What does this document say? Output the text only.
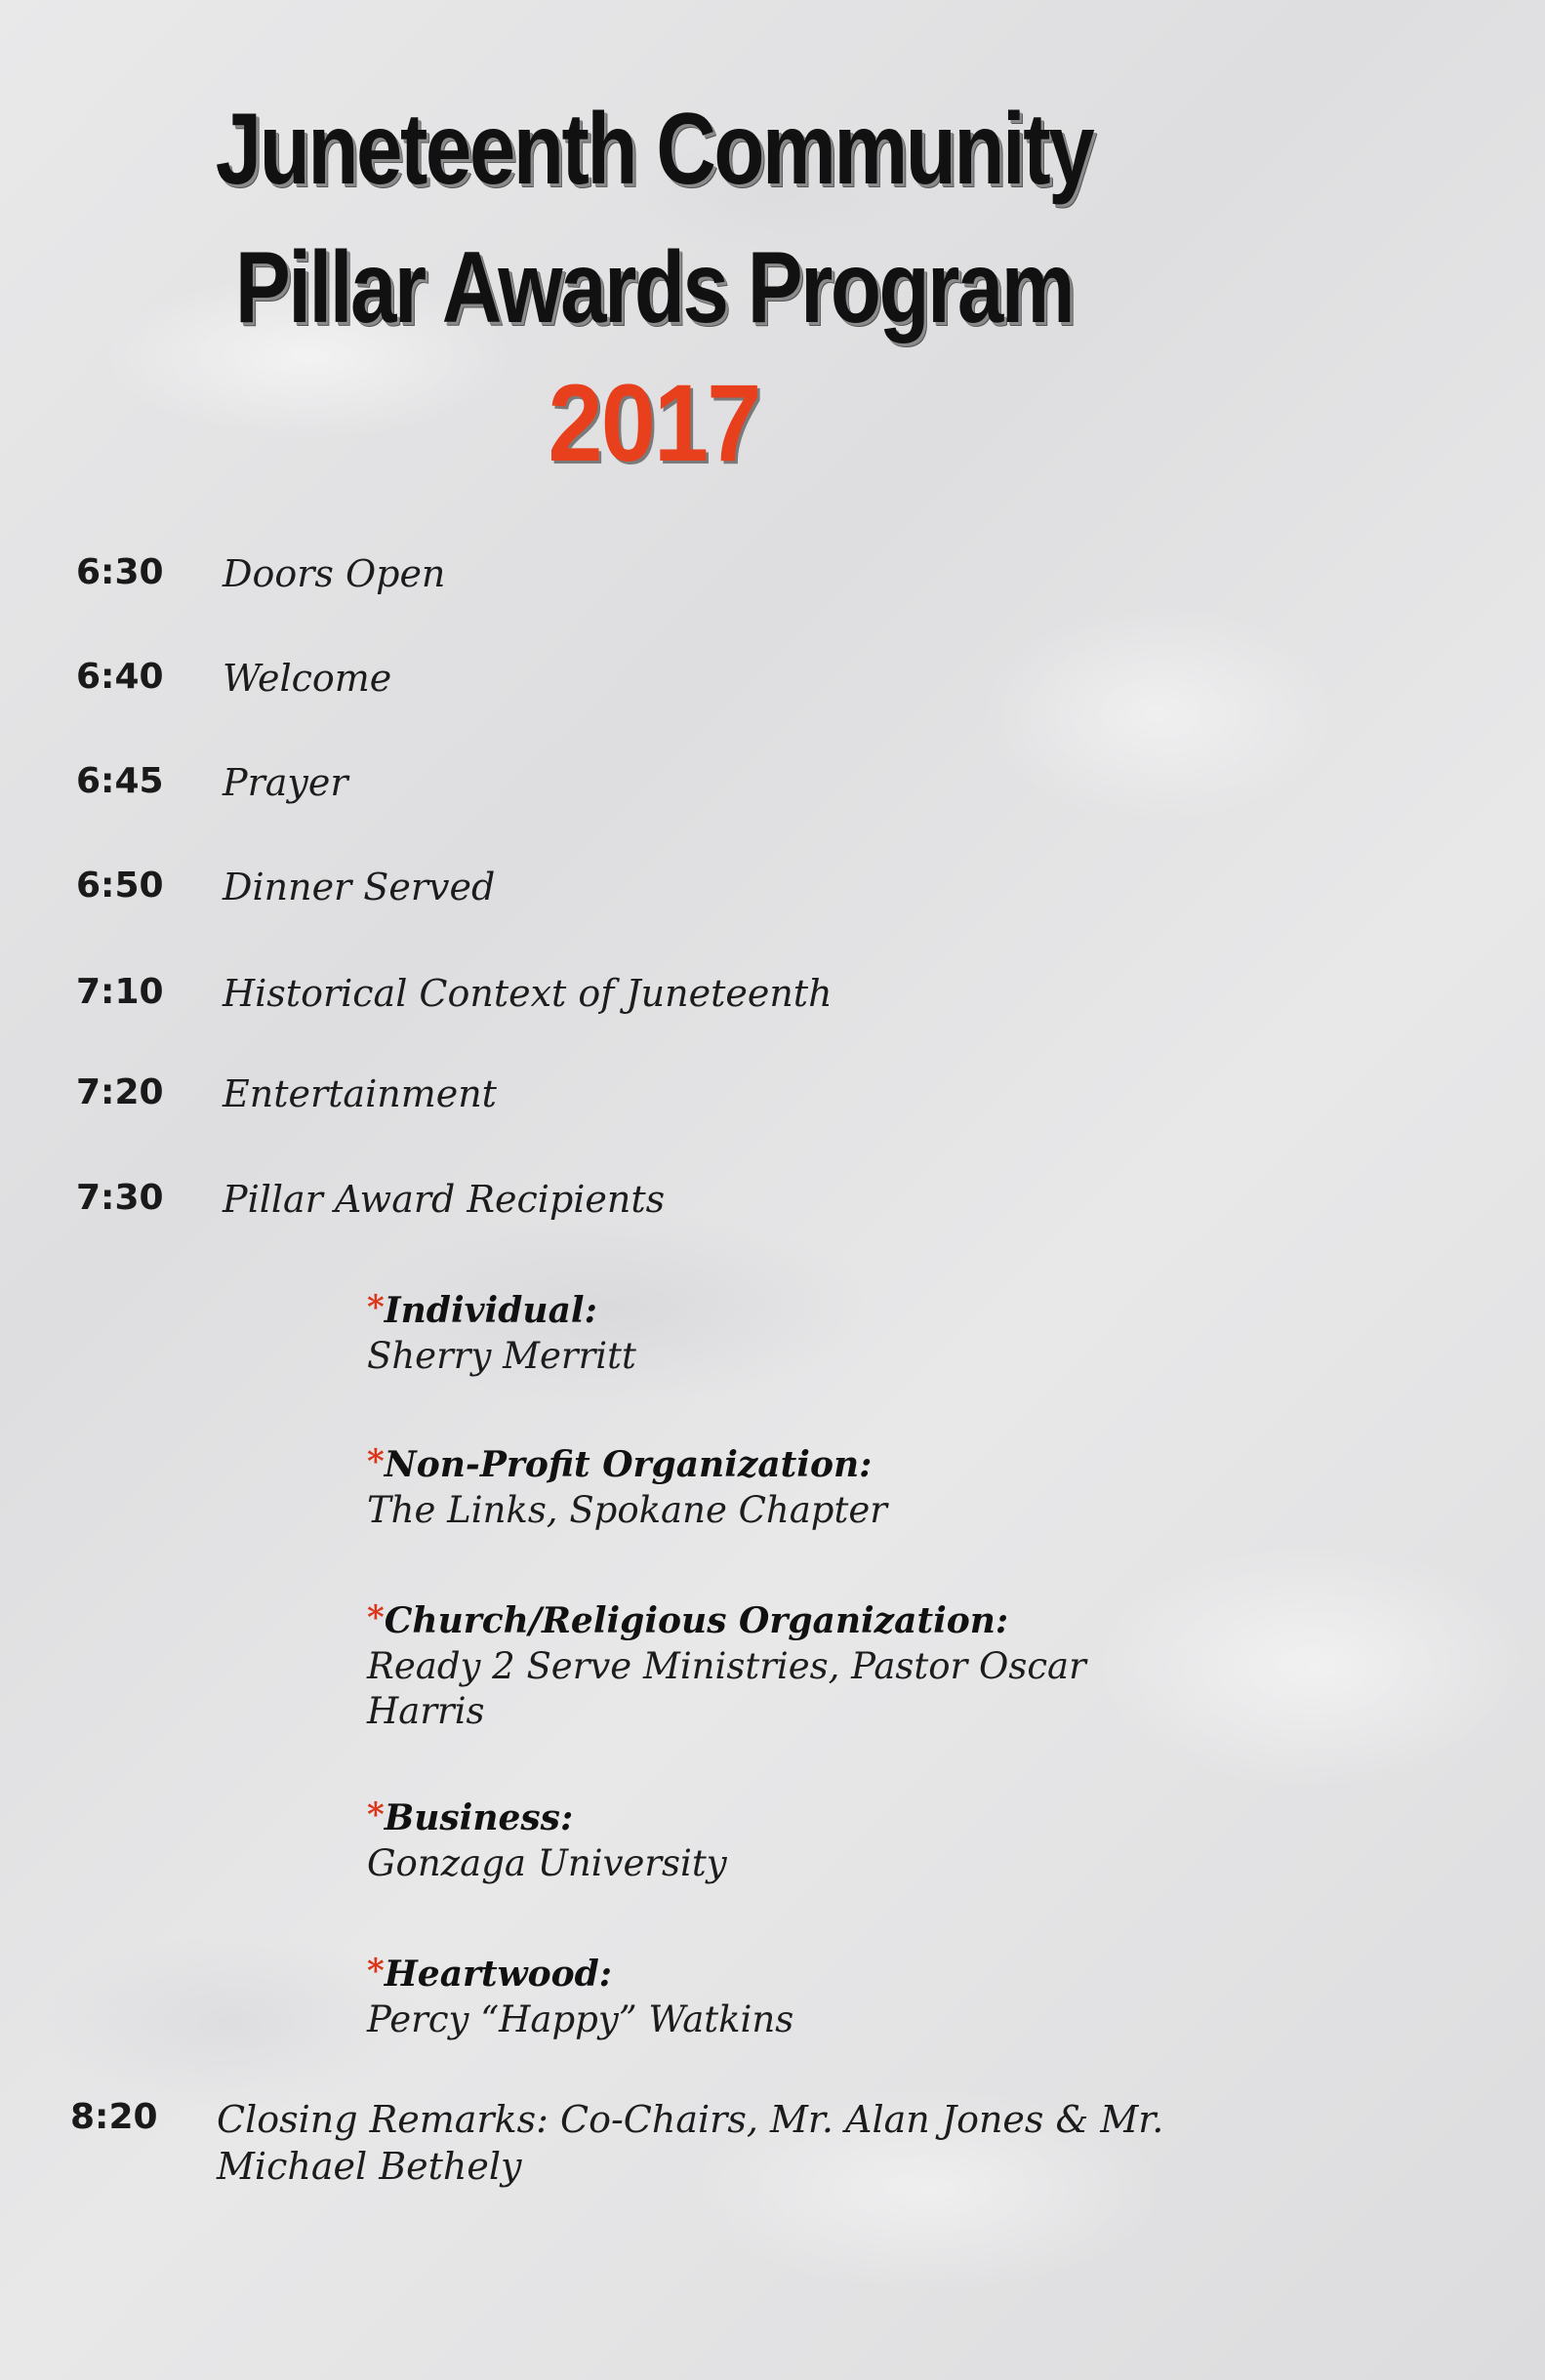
Juneteenth Community
Pillar Awards Program
2017
6:30 Doors Open
6:40 Welcome
6:45 Prayer
6:50 Dinner Served
7:10 Historical Context of Juneteenth
7:20 Entertainment
7:30 Pillar Award Recipients
*Individual:
Sherry Merritt
*Non-Profit Organization:
The Links, Spokane Chapter
*Church/Religious Organization:
Ready 2 Serve Ministries, Pastor Oscar Harris
*Business:
Gonzaga University
*Heartwood:
Percy “Happy” Watkins
8:20 Closing Remarks: Co-Chairs, Mr. Alan Jones & Mr. Michael Bethely
